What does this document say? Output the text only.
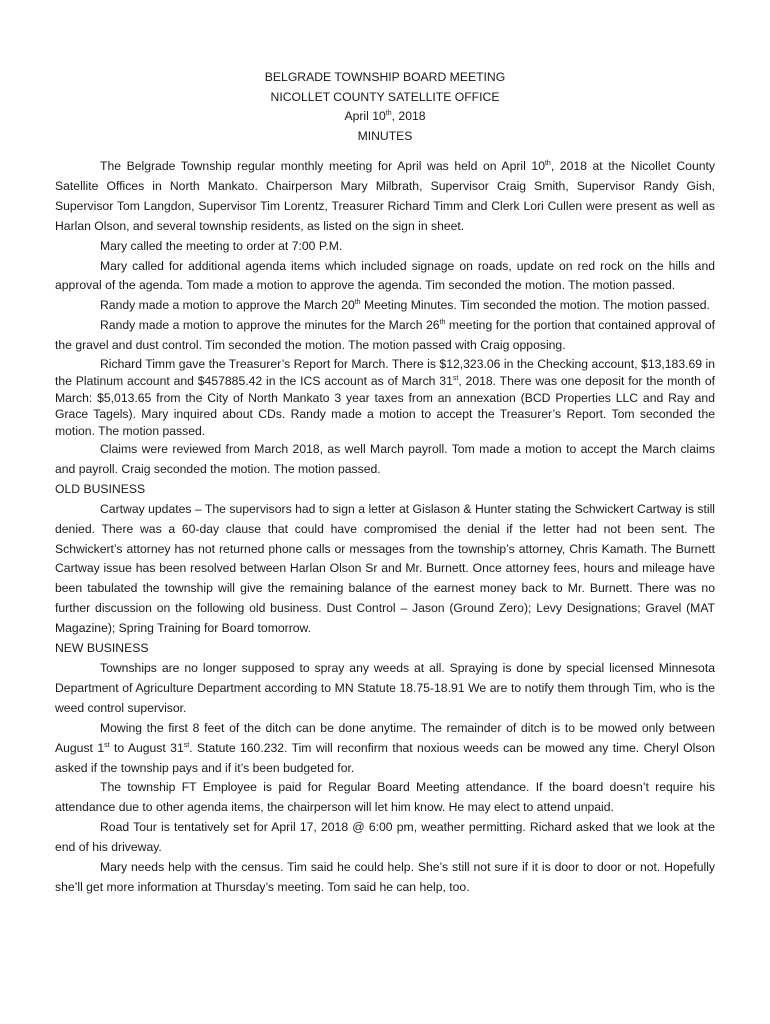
BELGRADE TOWNSHIP BOARD MEETING
NICOLLET COUNTY SATELLITE OFFICE
April 10th, 2018
MINUTES

The Belgrade Township regular monthly meeting for April was held on April 10th, 2018 at the Nicollet County Satellite Offices in North Mankato. Chairperson Mary Milbrath, Supervisor Craig Smith, Supervisor Randy Gish, Supervisor Tom Langdon, Supervisor Tim Lorentz, Treasurer Richard Timm and Clerk Lori Cullen were present as well as Harlan Olson, and several township residents, as listed on the sign in sheet.

Mary called the meeting to order at 7:00 P.M.

Mary called for additional agenda items which included signage on roads, update on red rock on the hills and approval of the agenda. Tom made a motion to approve the agenda. Tim seconded the motion. The motion passed.

Randy made a motion to approve the March 20th Meeting Minutes. Tim seconded the motion. The motion passed.

Randy made a motion to approve the minutes for the March 26th meeting for the portion that contained approval of the gravel and dust control. Tim seconded the motion. The motion passed with Craig opposing.

Richard Timm gave the Treasurer’s Report for March. There is $12,323.06 in the Checking account, $13,183.69 in the Platinum account and $457885.42 in the ICS account as of March 31st, 2018. There was one deposit for the month of March: $5,013.65 from the City of North Mankato 3 year taxes from an annexation (BCD Properties LLC and Ray and Grace Tagels). Mary inquired about CDs. Randy made a motion to accept the Treasurer’s Report. Tom seconded the motion. The motion passed.

Claims were reviewed from March 2018, as well March payroll. Tom made a motion to accept the March claims and payroll. Craig seconded the motion. The motion passed.

OLD BUSINESS

Cartway updates – The supervisors had to sign a letter at Gislason & Hunter stating the Schwickert Cartway is still denied. There was a 60-day clause that could have compromised the denial if the letter had not been sent. The Schwickert’s attorney has not returned phone calls or messages from the township’s attorney, Chris Kamath. The Burnett Cartway issue has been resolved between Harlan Olson Sr and Mr. Burnett. Once attorney fees, hours and mileage have been tabulated the township will give the remaining balance of the earnest money back to Mr. Burnett. There was no further discussion on the following old business. Dust Control – Jason (Ground Zero); Levy Designations; Gravel (MAT Magazine); Spring Training for Board tomorrow.

NEW BUSINESS

Townships are no longer supposed to spray any weeds at all. Spraying is done by special licensed Minnesota Department of Agriculture Department according to MN Statute 18.75-18.91 We are to notify them through Tim, who is the weed control supervisor.

Mowing the first 8 feet of the ditch can be done anytime. The remainder of ditch is to be mowed only between August 1st to August 31st. Statute 160.232. Tim will reconfirm that noxious weeds can be mowed any time. Cheryl Olson asked if the township pays and if it’s been budgeted for.

The township FT Employee is paid for Regular Board Meeting attendance. If the board doesn’t require his attendance due to other agenda items, the chairperson will let him know. He may elect to attend unpaid.

Road Tour is tentatively set for April 17, 2018 @ 6:00 pm, weather permitting. Richard asked that we look at the end of his driveway.

Mary needs help with the census. Tim said he could help. She’s still not sure if it is door to door or not. Hopefully she’ll get more information at Thursday’s meeting. Tom said he can help, too.
